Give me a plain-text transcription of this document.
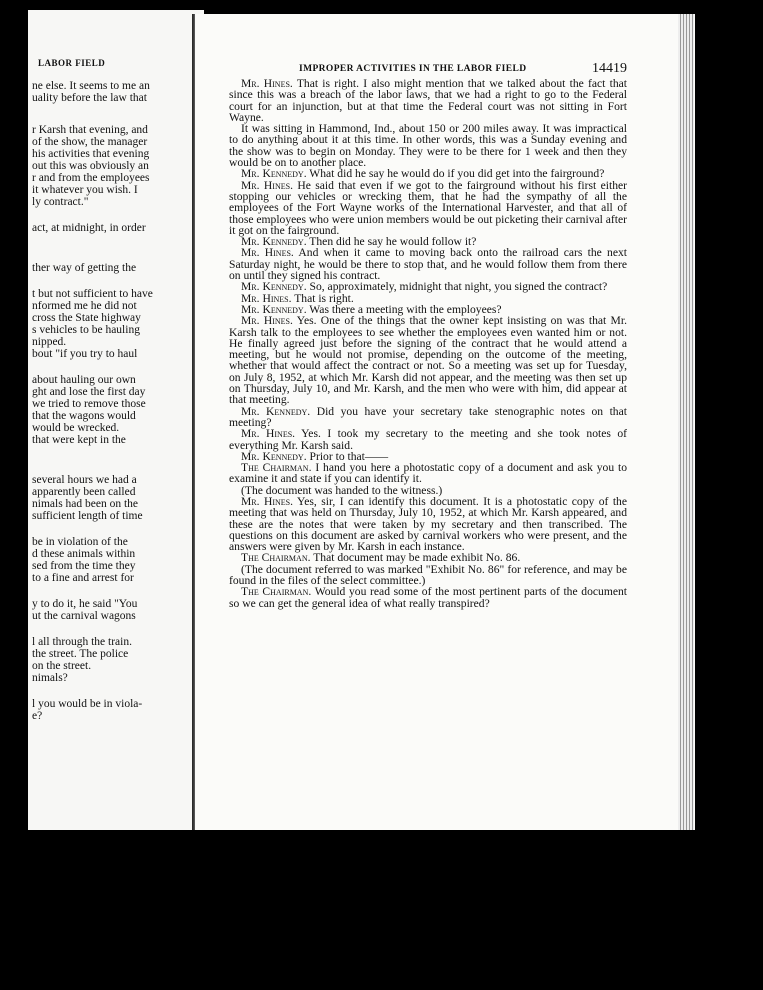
LABOR FIELD
ne else. It seems to me an
uality before the law that
r Karsh that evening, and
of the show, the manager
his activities that evening
out this was obviously an
r and from the employees
it whatever you wish. I
ly contract."
act, at midnight, in order
ther way of getting the
t but not sufficient to have
nformed me he did not
cross the State highway
s vehicles to be hauling
nipped.
bout "if you try to haul
about hauling our own
ght and lose the first day
we tried to remove those
that the wagons would
would be wrecked.
that were kept in the
several hours we had a
apparently been called
nimals had been on the
sufficient length of time
be in violation of the
d these animals within
sed from the time they
to a fine and arrest for
y to do it, he said "You
ut the carnival wagons
l all through the train.
the street. The police
on the street.
nimals?
l you would be in viola-
e?
IMPROPER ACTIVITIES IN THE LABOR FIELD	14419

Mr. Hines. That is right. I also might mention that we talked about the fact that since this was a breach of the labor laws, that we had a right to go to the Federal court for an injunction, but at that time the Federal court was not sitting in Fort Wayne.

It was sitting in Hammond, Ind., about 150 or 200 miles away. It was impractical to do anything about it at this time. In other words, this was a Sunday evening and the show was to begin on Monday. They were to be there for 1 week and then they would be on to another place.

Mr. Kennedy. What did he say he would do if you did get into the fairground?

Mr. Hines. He said that even if we got to the fairground without his first either stopping our vehicles or wrecking them, that he had the sympathy of all the employees of the Fort Wayne works of the International Harvester, and that all of those employees who were union members would be out picketing their carnival after it got on the fairground.

Mr. Kennedy. Then did he say he would follow it?

Mr. Hines. And when it came to moving back onto the railroad cars the next Saturday night, he would be there to stop that, and he would follow them from there on until they signed his contract.

Mr. Kennedy. So, approximately, midnight that night, you signed the contract?

Mr. Hines. That is right.

Mr. Kennedy. Was there a meeting with the employees?

Mr. Hines. Yes. One of the things that the owner kept insisting on was that Mr. Karsh talk to the employees to see whether the employees even wanted him or not. He finally agreed just before the signing of the contract that he would attend a meeting, but he would not promise, depending on the outcome of the meeting, whether that would affect the contract or not. So a meeting was set up for Tuesday, on July 8, 1952, at which Mr. Karsh did not appear, and the meeting was then set up on Thursday, July 10, and Mr. Karsh, and the men who were with him, did appear at that meeting.

Mr. Kennedy. Did you have your secretary take stenographic notes on that meeting?

Mr. Hines. Yes. I took my secretary to the meeting and she took notes of everything Mr. Karsh said.

Mr. Kennedy. Prior to that——

The Chairman. I hand you here a photostatic copy of a document and ask you to examine it and state if you can identify it.

(The document was handed to the witness.)

Mr. Hines. Yes, sir, I can identify this document. It is a photostatic copy of the meeting that was held on Thursday, July 10, 1952, at which Mr. Karsh appeared, and these are the notes that were taken by my secretary and then transcribed. The questions on this document are asked by carnival workers who were present, and the answers were given by Mr. Karsh in each instance.

The Chairman. That document may be made exhibit No. 86.

(The document referred to was marked "Exhibit No. 86" for reference, and may be found in the files of the select committee.)

The Chairman. Would you read some of the most pertinent parts of the document so we can get the general idea of what really transpired?
